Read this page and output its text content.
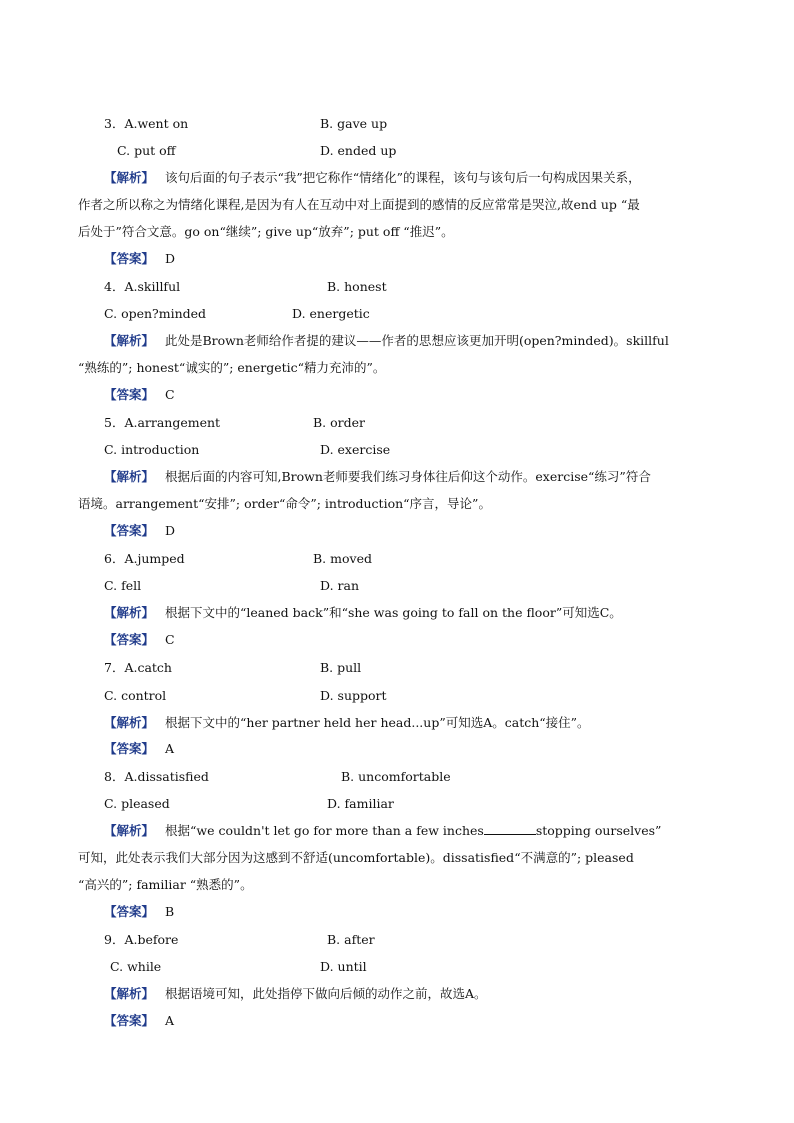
3．A.went on	B. gave up
C. put off	D. ended up
【解析】 该句后面的句子表示“我”把它称作“情绪化”的课程，该句与该句后一句构成因果关系，
作者之所以称之为情绪化课程,是因为有人在互动中对上面提到的感情的反应常常是哭泣,故end up “最
后处于”符合文意。go on“继续”; give up“放弃”; put off “推迟”。
【答案】 D
4．A.skillful	B. honest
C. open?minded	D. energetic
【解析】 此处是Brown老师给作者提的建议——作者的思想应该更加开明(open?minded)。skillful
“熟练的”; honest“诚实的”; energetic“精力充沛的”。
【答案】 C
5．A.arrangement	B. order
C. introduction	D. exercise
【解析】 根据后面的内容可知,Brown老师要我们练习身体往后仰这个动作。exercise“练习”符合
语境。arrangement“安排”; order“命令”; introduction“序言，导论”。
【答案】 D
6．A.jumped	B. moved
C. fell	D. ran
【解析】 根据下文中的“leaned back”和“she was going to fall on the floor”可知选C。
【答案】 C
7．A.catch	B. pull
C. control	D. support
【解析】 根据下文中的“her partner held her head...up”可知选A。catch“接住”。
【答案】 A
8．A.dissatisfied	B. uncomfortable
C. pleased	D. familiar
【解析】 根据“we couldn't let go for more than a few inches	stopping ourselves”
可知，此处表示我们大部分因为这感到不舒适(uncomfortable)。dissatisfied“不满意的”; pleased
“高兴的”; familiar “熟悉的”。
【答案】 B
9．A.before	B. after
C. while	D. until
【解析】 根据语境可知，此处指停下做向后倾的动作之前，故选A。
【答案】 A
